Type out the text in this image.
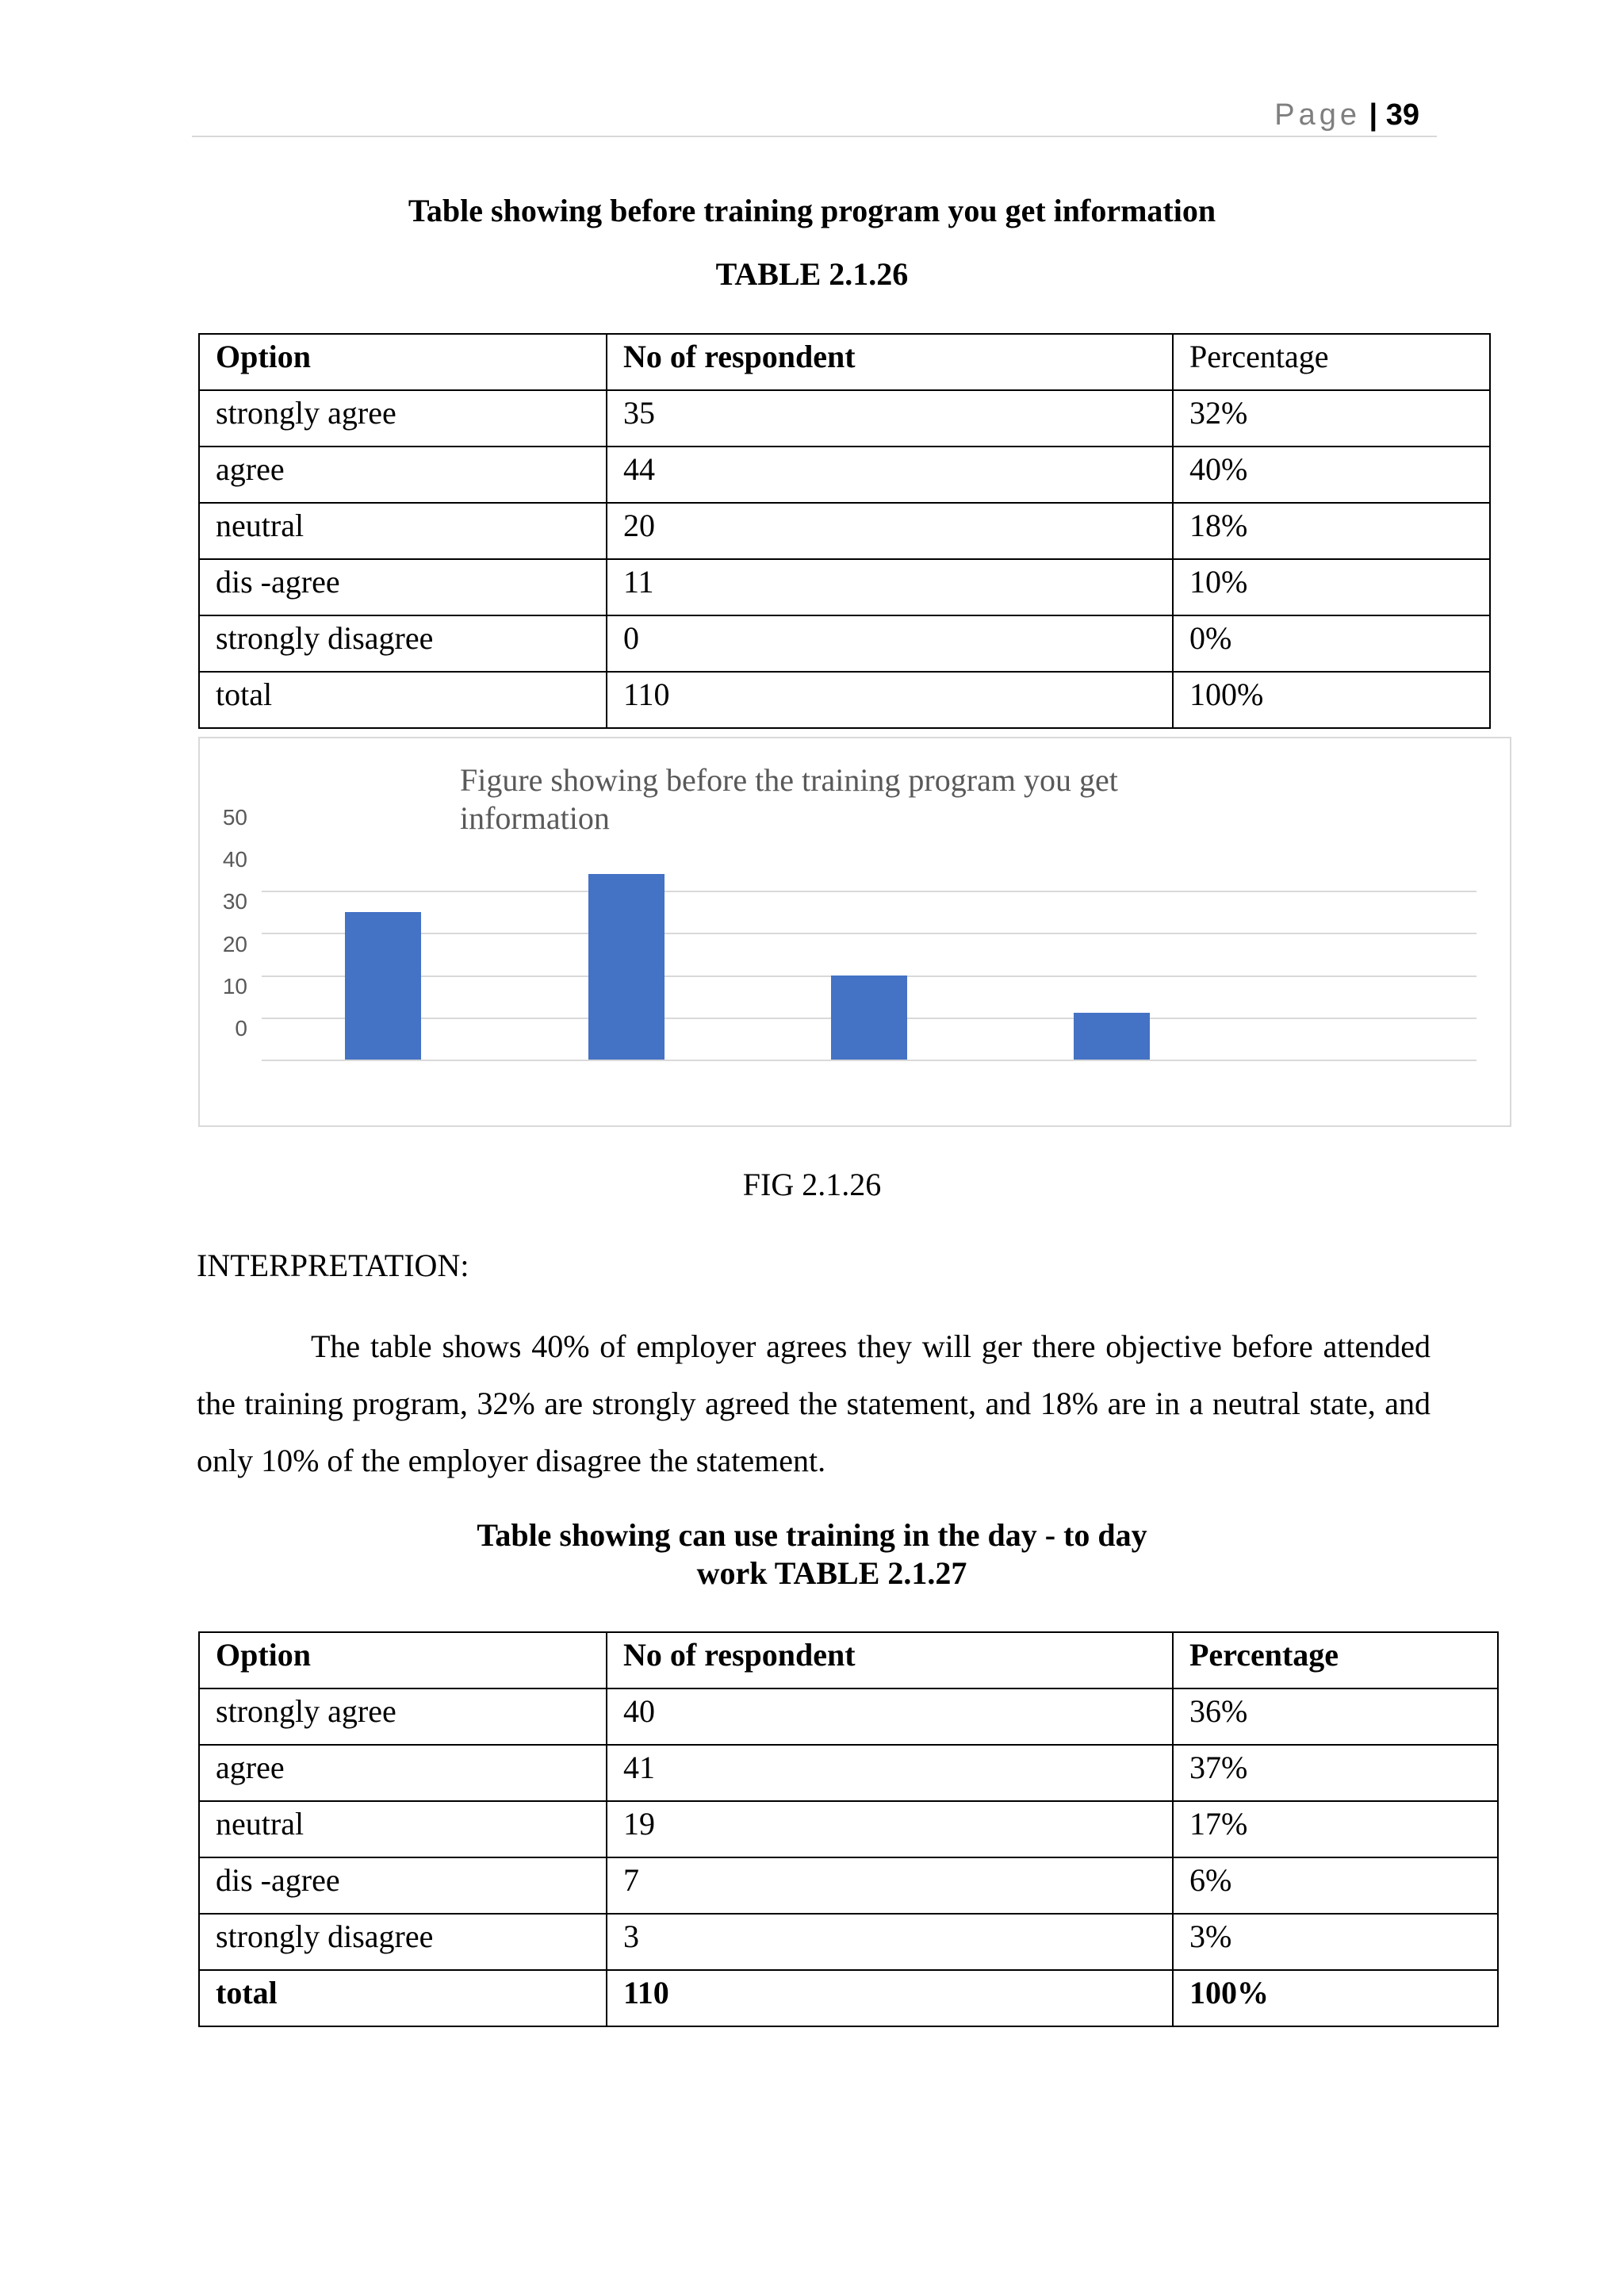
Page | 39
Table showing before training program you get information
TABLE 2.1.26
Option	No of respondent	Percentage
strongly agree	35	32%
agree	44	40%
neutral	20	18%
dis -agree	11	10%
strongly disagree	0	0%
total	110	100%
Figure showing before the training program you get information
50
40
30
20
10
0
FIG 2.1.26
INTERPRETATION:
The table shows 40% of employer agrees they will ger there objective before attended the training program, 32% are strongly agreed the statement, and 18% are in a neutral state, and only 10% of the employer disagree the statement.
Table showing can use training in the day - to day
work TABLE 2.1.27
Option	No of respondent	Percentage
strongly agree	40	36%
agree	41	37%
neutral	19	17%
dis -agree	7	6%
strongly disagree	3	3%
total	110	100%
